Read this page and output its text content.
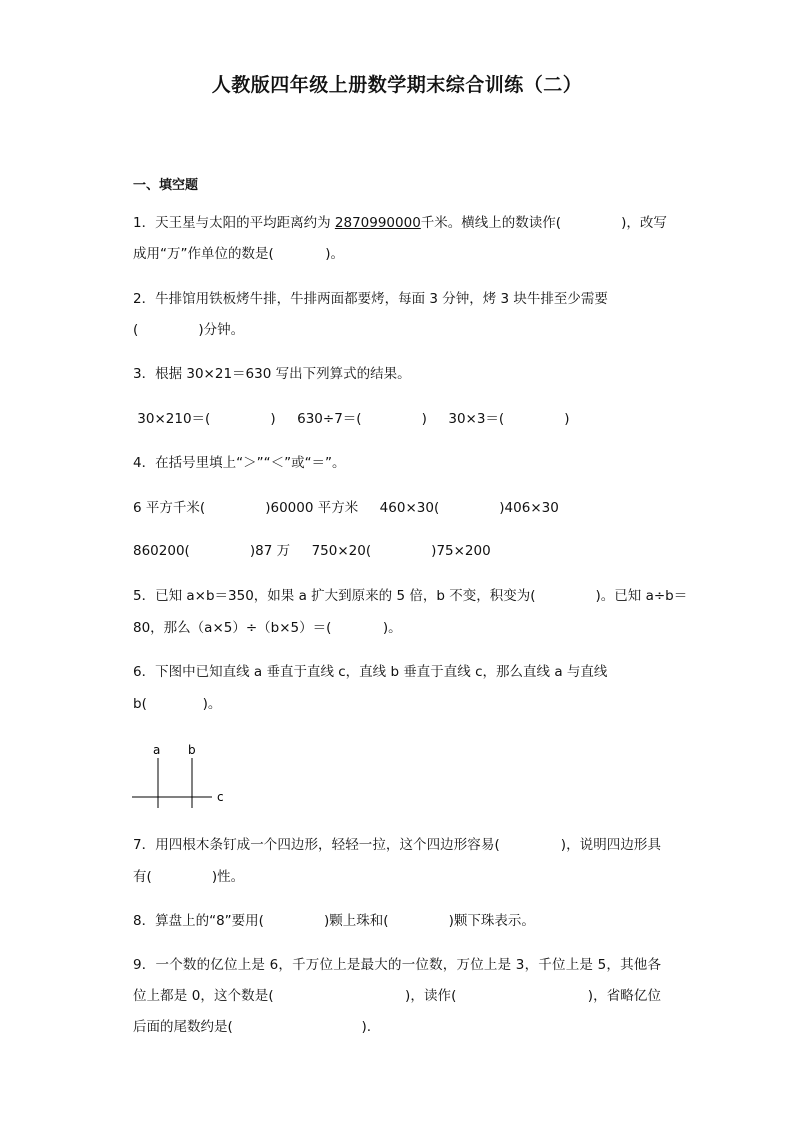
人教版四年级上册数学期末综合训练（二）
一、填空题
1．天王星与太阳的平均距离约为 2870990000千米。横线上的数读作(              )，改写
成用“万”作单位的数是(            )。
2．牛排馆用铁板烤牛排，牛排两面都要烤，每面 3 分钟，烤 3 块牛排至少需要
(              )分钟。
3．根据 30×21＝630 写出下列算式的结果。
30×210＝(              )     630÷7＝(              )     30×3＝(              )
4．在括号里填上“＞”“＜”或“＝”。
6 平方千米(              )60000 平方米     460×30(              )406×30
860200(              )87 万     750×20(              )75×200
5．已知 a×b＝350，如果 a 扩大到原来的 5 倍，b 不变，积变为(              )。已知 a÷b＝
80，那么（a×5）÷（b×5）＝(            )。
6．下图中已知直线 a 垂直于直线 c，直线 b 垂直于直线 c，那么直线 a 与直线
b(             )。
a b
c
7．用四根木条钉成一个四边形，轻轻一拉，这个四边形容易(              )，说明四边形具
有(              )性。
8．算盘上的“8”要用(              )颗上珠和(              )颗下珠表示。
9．一个数的亿位上是 6，千万位上是最大的一位数，万位上是 3，千位上是 5，其他各
位上都是 0，这个数是(                              )，读作(                              )，省略亿位
后面的尾数约是(                              ).
